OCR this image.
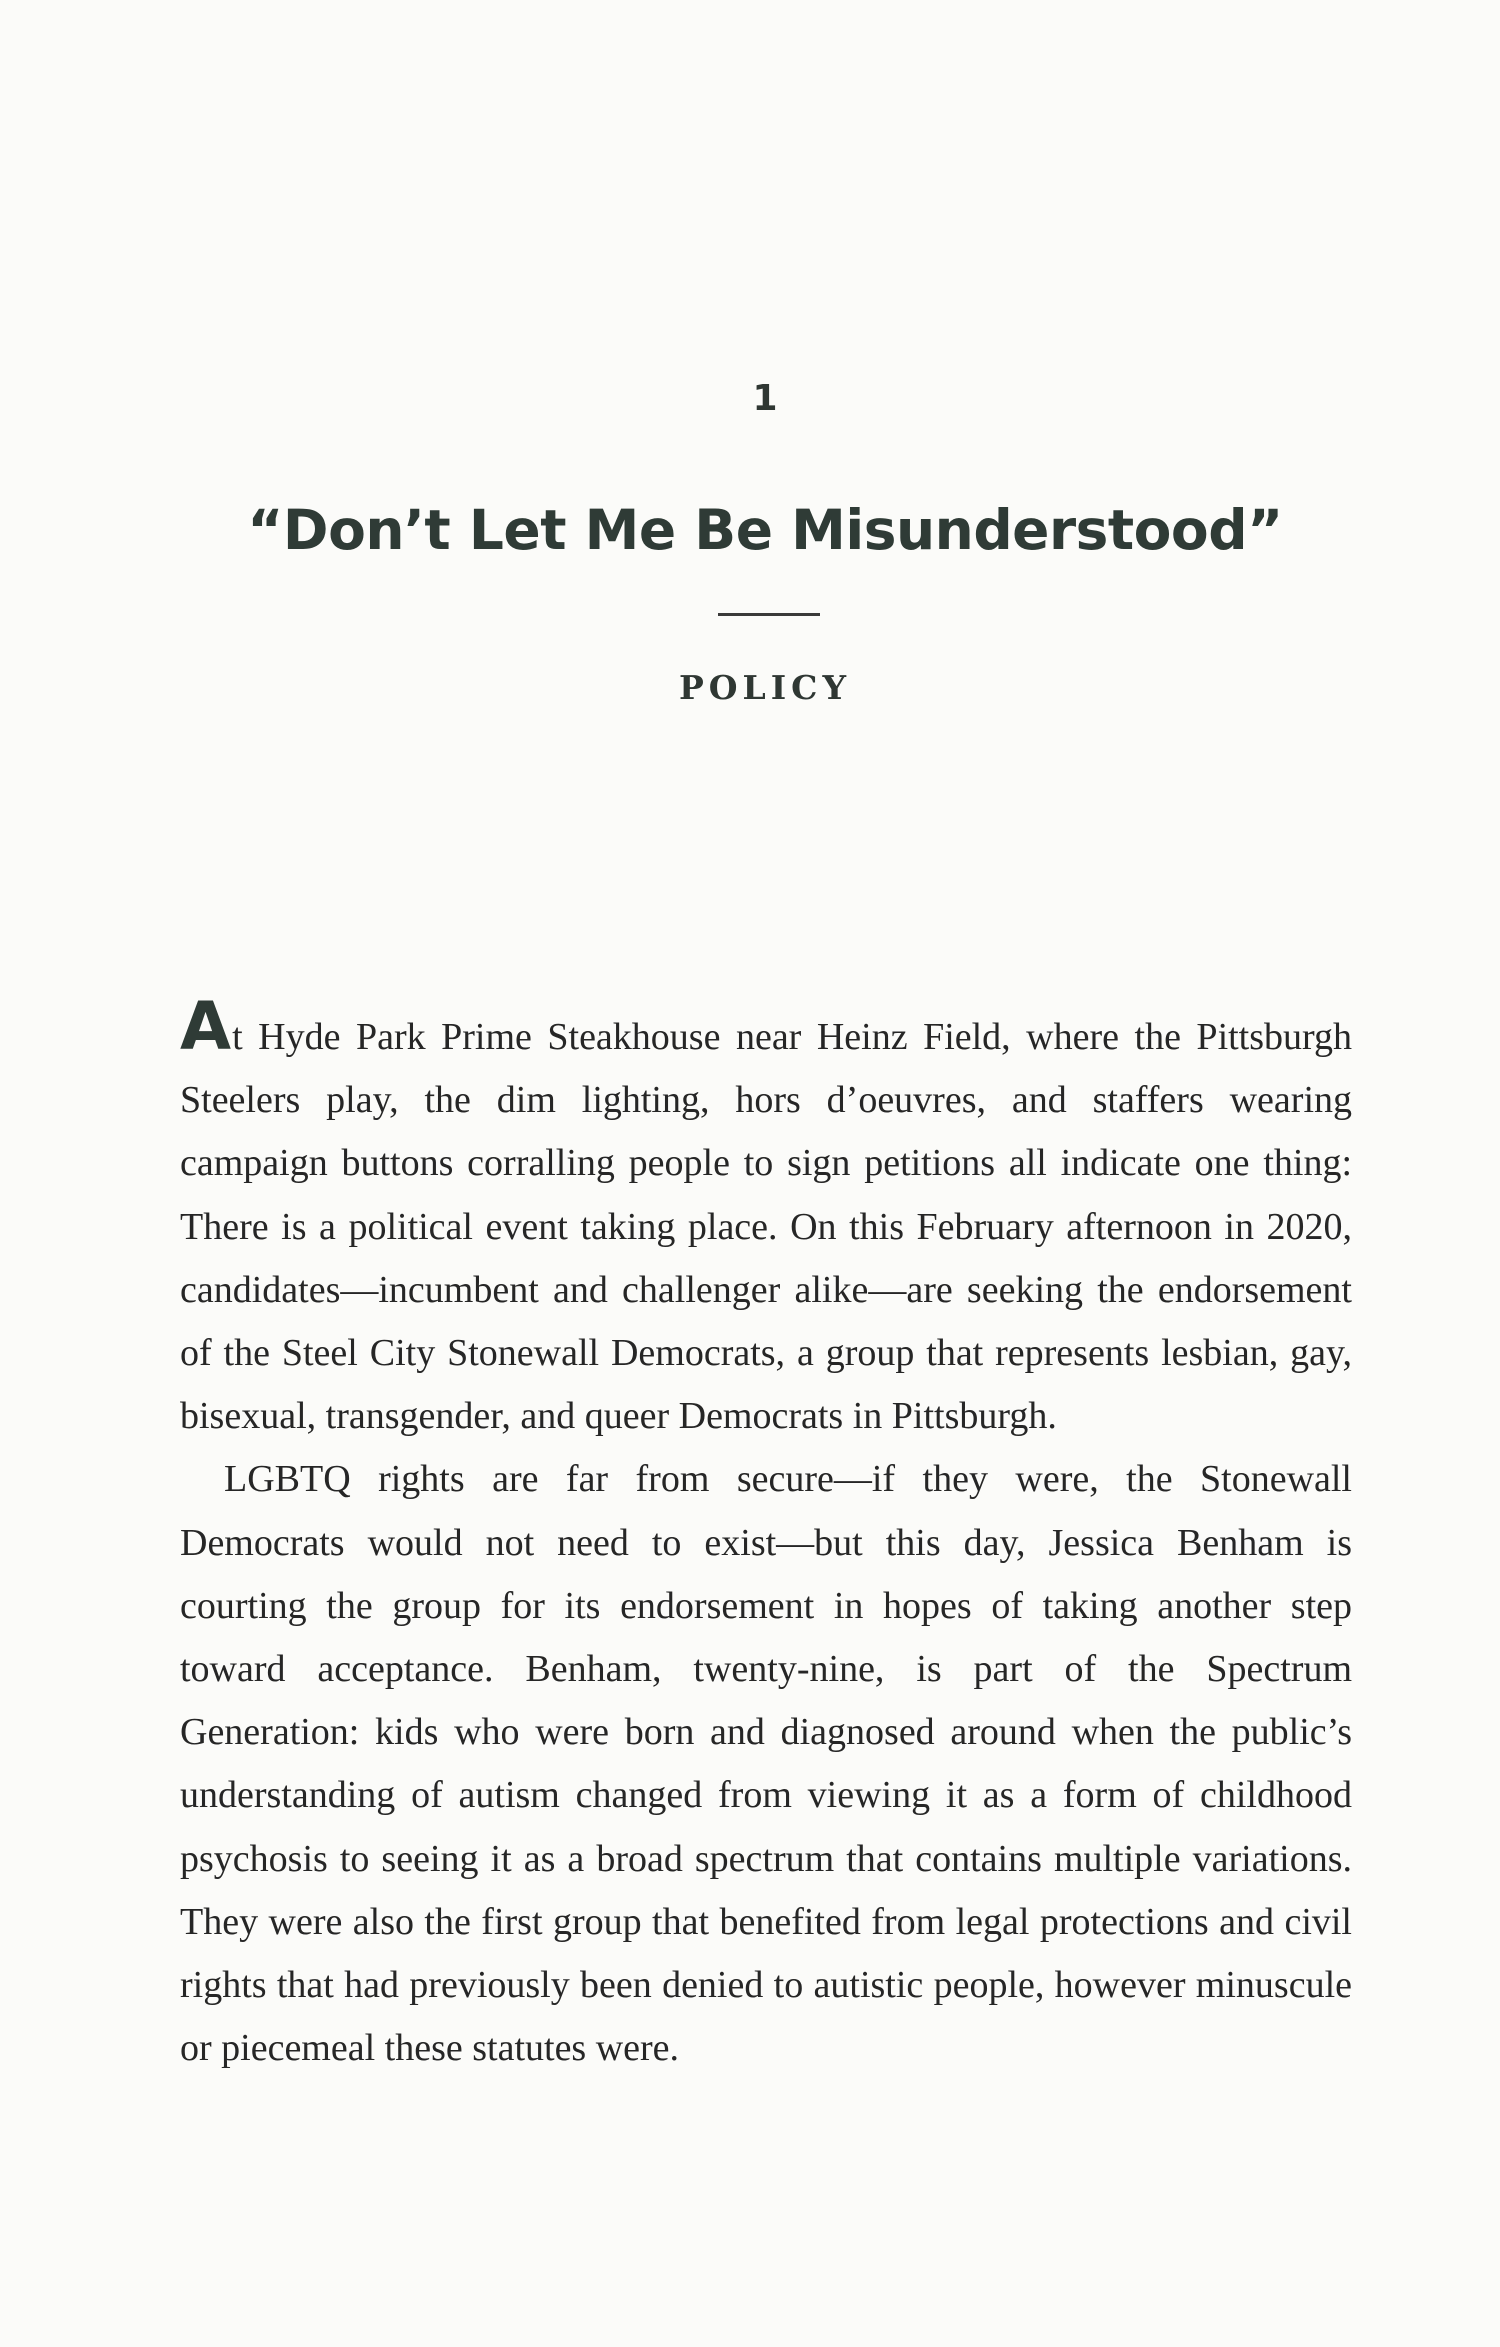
1
“Don’t Let Me Be Misunderstood”
POLICY

At Hyde Park Prime Steakhouse near Heinz Field, where the Pittsburgh Steelers play, the dim lighting, hors d’oeuvres, and staffers wearing campaign buttons corralling people to sign petitions all indicate one thing: There is a political event taking place. On this February afternoon in 2020, candidates—incumbent and challenger alike—are seeking the endorsement of the Steel City Stonewall Democrats, a group that represents lesbian, gay, bisexual, transgender, and queer Democrats in Pittsburgh.

LGBTQ rights are far from secure—if they were, the Stonewall Democrats would not need to exist—but this day, Jessica Benham is courting the group for its endorsement in hopes of taking another step toward acceptance. Benham, twenty-nine, is part of the Spectrum Generation: kids who were born and diagnosed around when the public’s understanding of autism changed from viewing it as a form of childhood psychosis to seeing it as a broad spectrum that contains multiple variations. They were also the first group that benefited from legal protections and civil rights that had previously been denied to autistic people, however minuscule or piecemeal these statutes were.
